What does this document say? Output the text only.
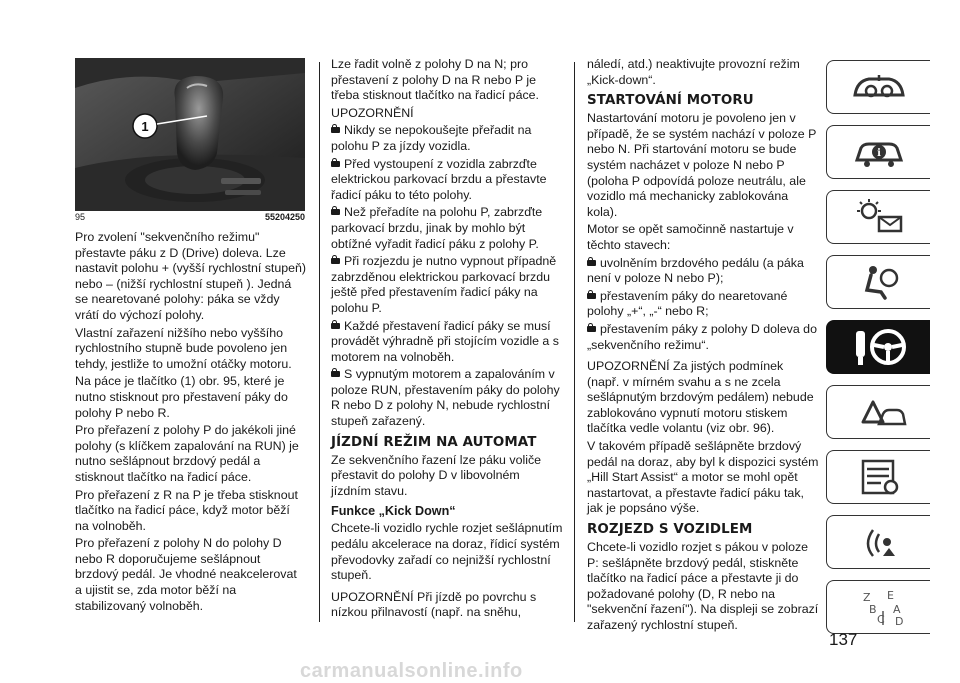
1
95	55204250

Pro zvolení "sekvenčního režimu" přestavte páku z D (Drive) doleva. Lze nastavit polohu + (vyšší rychlostní stupeň) nebo – (nižší rychlostní stupeň ). Jedná se nearetované polohy: páka se vždy vrátí do výchozí polohy.

Vlastní zařazení nižšího nebo vyššího rychlostního stupně bude povoleno jen tehdy, jestliže to umožní otáčky motoru.

Na páce je tlačítko (1) obr. 95, které je nutno stisknout pro přestavení páky do polohy P nebo R.

Pro přeřazení z polohy P do jakékoli jiné polohy (s klíčkem zapalování na RUN) je nutno sešlápnout brzdový pedál a stisknout tlačítko na řadicí páce.

Pro přeřazení z R na P je třeba stisknout tlačítko na řadicí páce, když motor běží na volnoběh.

Pro přeřazení z polohy N do polohy D nebo R doporučujeme sešlápnout brzdový pedál. Je vhodné neakcelerovat a ujistit se, zda motor běží na stabilizovaný volnoběh.

Lze řadit volně z polohy D na N; pro přestavení z polohy D na R nebo P je třeba stisknout tlačítko na řadicí páce.

UPOZORNĚNÍ

Nikdy se nepokoušejte přeřadit na polohu P za jízdy vozidla.

Před vystoupení z vozidla zabrzďte elektrickou parkovací brzdu a přestavte řadicí páku to této polohy.

Než přeřadíte na polohu P, zabrzďte parkovací brzdu, jinak by mohlo být obtížné vyřadit řadicí páku z polohy P.

Při rozjezdu je nutno vypnout případně zabrzděnou elektrickou parkovací brzdu ještě před přestavením řadicí páky na polohu P.

Každé přestavení řadicí páky se musí provádět výhradně při stojícím vozidle a s motorem na volnoběh.

S vypnutým motorem a zapalováním v poloze RUN, přestavením páky do polohy R nebo D z polohy N, nebude rychlostní stupeň zařazený.

JÍZDNÍ REŽIM NA AUTOMAT

Ze sekvenčního řazení lze páku voliče přestavit do polohy D v libovolném jízdním stavu.

Funkce „Kick Down“

Chcete-li vozidlo rychle rozjet sešlápnutím pedálu akcelerace na doraz, řídicí systém převodovky zařadí co nejnižší rychlostní stupeň.

UPOZORNĚNÍ Při jízdě po povrchu s nízkou přilnavostí (např. na sněhu,

náledí, atd.) neaktivujte provozní režim „Kick-down“.

STARTOVÁNÍ MOTORU

Nastartování motoru je povoleno jen v případě, že se systém nachází v poloze P nebo N. Při startování motoru se bude systém nacházet v poloze N nebo P (poloha P odpovídá poloze neutrálu, ale vozidlo má mechanicky zablokována kola).

Motor se opět samočinně nastartuje v těchto stavech:

uvolněním brzdového pedálu (a páka není v poloze N nebo P);

přestavením páky do nearetované polohy „+“, „-“ nebo R;

přestavením páky z polohy D doleva do „sekvenčního režimu“.

UPOZORNĚNÍ Za jistých podmínek (např. v mírném svahu a s ne zcela sešlápnutým brzdovým pedálem) nebude zablokováno vypnutí motoru stiskem tlačítka vedle volantu (viz obr. 96).

V takovém případě sešlápněte brzdový pedál na doraz, aby byl k dispozici systém „Hill Start Assist“ a motor se mohl opět nastartovat, a přestavte řadicí páku tak, jak je popsáno výše.

ROZJEZD S VOZIDLEM

Chcete-li vozidlo rozjet s pákou v poloze P: sešlápněte brzdový pedál, stiskněte tlačítko na řadicí páce a přestavte ji do požadované polohy (D, R nebo na "sekvenční řazení"). Na displeji se zobrazí zařazený rychlostní stupeň.

i
Z E
B A
C D
137
carmanualsonline.info
